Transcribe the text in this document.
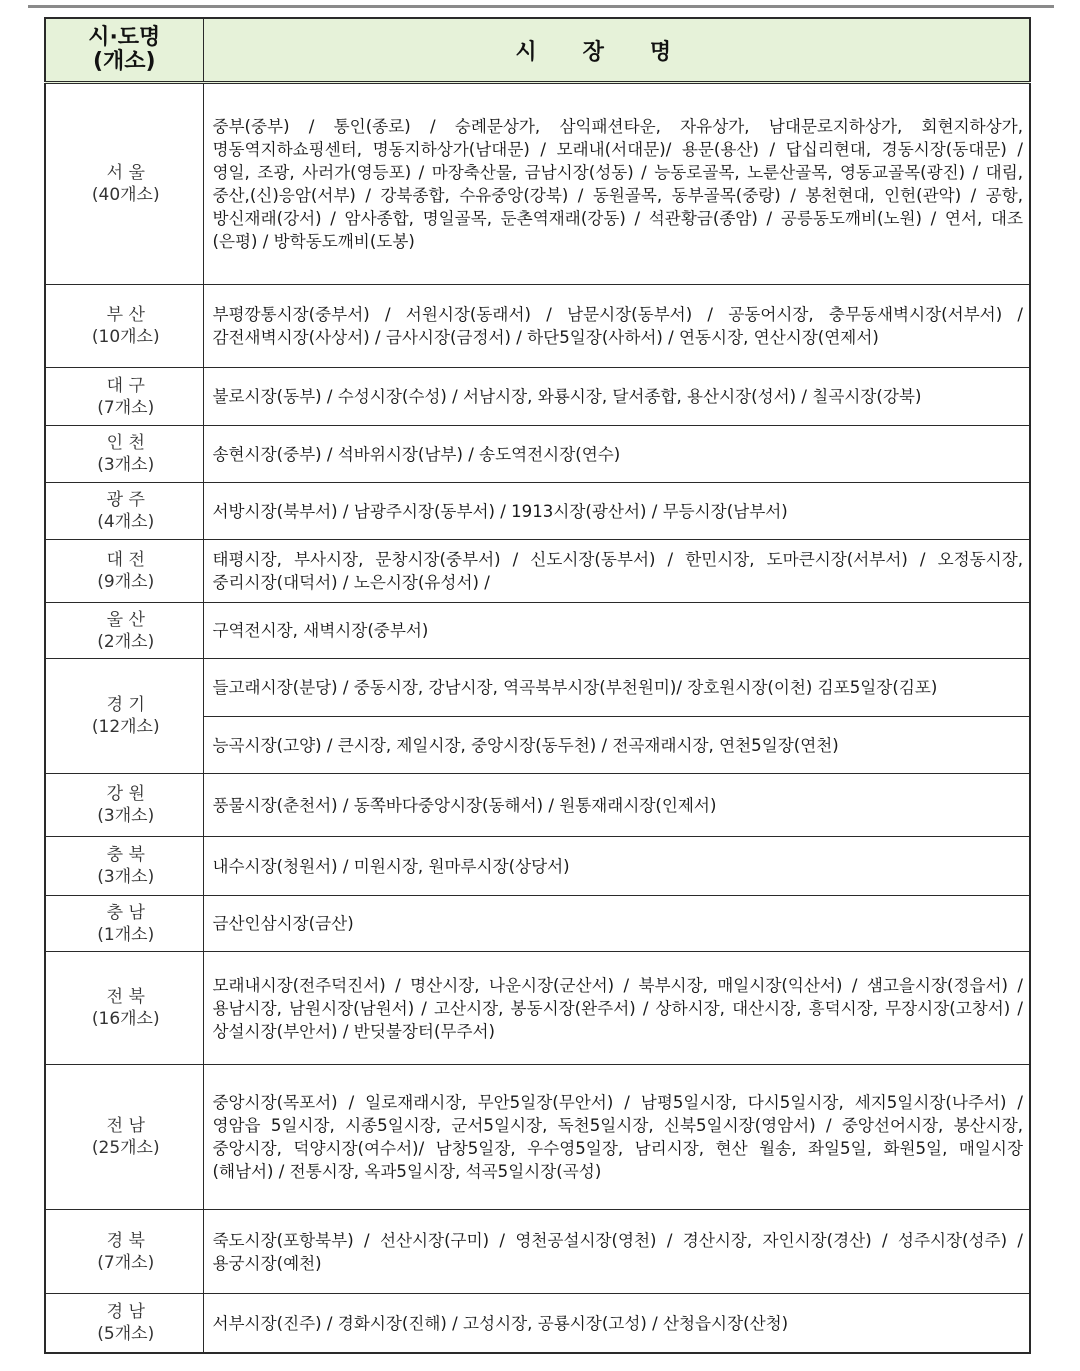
시·도명
(개소)	시장명

서 울
(40개소)	중부(중부) / 통인(종로) / 숭례문상가, 삼익패션타운, 자유상가, 남대문로지하상가, 회현지하상가, 명동역지하쇼핑센터, 명동지하상가(남대문) / 모래내(서대문)/ 용문(용산) / 답십리현대, 경동시장(동대문) / 영일, 조광, 사러가(영등포) / 마장축산물, 금남시장(성동) / 능동로골목, 노룬산골목, 영동교골목(광진) / 대림, 중산,(신)응암(서부) / 강북종합, 수유중앙(강북) / 동원골목, 동부골목(중랑) / 봉천현대, 인헌(관악) / 공항, 방신재래(강서) / 암사종합, 명일골목, 둔촌역재래(강동) / 석관황금(종암) / 공릉동도깨비(노원) / 연서, 대조(은평) / 방학동도깨비(도봉)

부 산
(10개소)	부평깡통시장(중부서) / 서원시장(동래서) / 남문시장(동부서) / 공동어시장, 충무동새벽시장(서부서) / 감전새벽시장(사상서) / 금사시장(금정서) / 하단5일장(사하서) / 연동시장, 연산시장(연제서)

대 구
(7개소)	불로시장(동부) / 수성시장(수성) / 서남시장, 와룡시장, 달서종합, 용산시장(성서) / 칠곡시장(강북)

인 천
(3개소)	송현시장(중부) / 석바위시장(남부) / 송도역전시장(연수)

광 주
(4개소)	서방시장(북부서) / 남광주시장(동부서) / 1913시장(광산서) / 무등시장(남부서)

대 전
(9개소)	태평시장, 부사시장, 문창시장(중부서) / 신도시장(동부서) / 한민시장, 도마큰시장(서부서) / 오정동시장, 중리시장(대덕서) / 노은시장(유성서) /

울 산
(2개소)	구역전시장, 새벽시장(중부서)

경 기
(12개소)	들고래시장(분당) / 중동시장, 강남시장, 역곡북부시장(부천원미)/ 장호원시장(이천) 김포5일장(김포)
	능곡시장(고양) / 큰시장, 제일시장, 중앙시장(동두천) / 전곡재래시장, 연천5일장(연천)

강 원
(3개소)	풍물시장(춘천서) / 동쪽바다중앙시장(동해서) / 원통재래시장(인제서)

충 북
(3개소)	내수시장(청원서) / 미원시장, 원마루시장(상당서)

충 남
(1개소)	금산인삼시장(금산)

전 북
(16개소)	모래내시장(전주덕진서) / 명산시장, 나운시장(군산서) / 북부시장, 매일시장(익산서) / 샘고을시장(정읍서) / 용남시장, 남원시장(남원서) / 고산시장, 봉동시장(완주서) / 상하시장, 대산시장, 흥덕시장, 무장시장(고창서) / 상설시장(부안서) / 반딧불장터(무주서)

전 남
(25개소)	중앙시장(목포서) / 일로재래시장, 무안5일장(무안서) / 남평5일시장, 다시5일시장, 세지5일시장(나주서) / 영암읍 5일시장, 시종5일시장, 군서5일시장, 독천5일시장, 신북5일시장(영암서) / 중앙선어시장, 봉산시장, 중앙시장, 덕양시장(여수서)/ 남창5일장, 우수영5일장, 남리시장, 현산 월송, 좌일5일, 화원5일, 매일시장(해남서) / 전통시장, 옥과5일시장, 석곡5일시장(곡성)

경 북
(7개소)	죽도시장(포항북부) / 선산시장(구미) / 영천공설시장(영천) / 경산시장, 자인시장(경산) / 성주시장(성주) / 용궁시장(예천)

경 남
(5개소)	서부시장(진주) / 경화시장(진해) / 고성시장, 공룡시장(고성) / 산청읍시장(산청)
